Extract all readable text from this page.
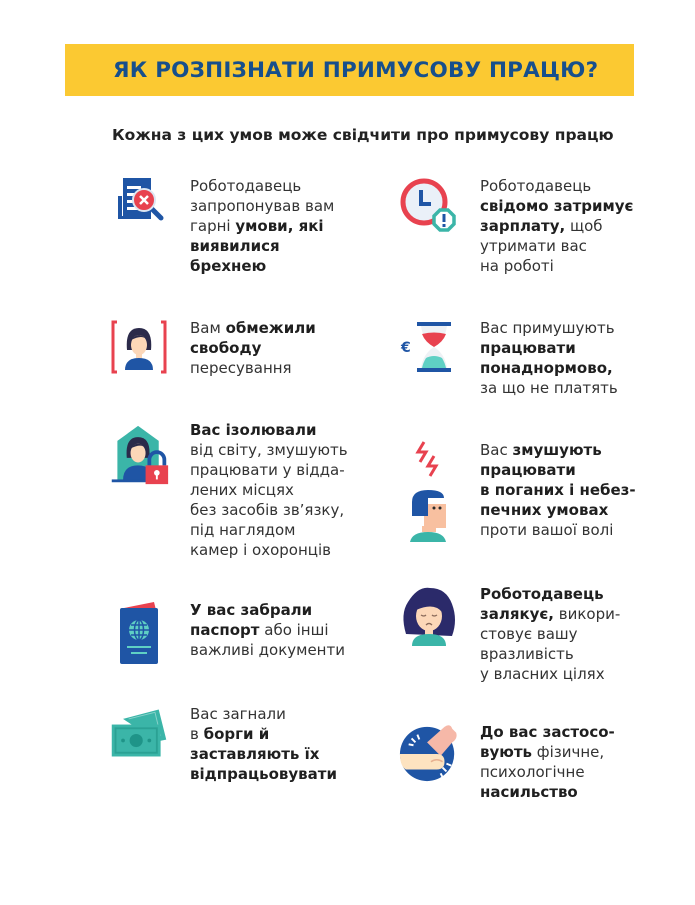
ЯК РОЗПІЗНАТИ ПРИМУСОВУ ПРАЦЮ?
Кожна з цих умов може свідчити про примусову працю
Роботодавець
запропонував вам
гарні умови, які
виявилися
брехнею
Вам обмежили
свободу
пересування
Вас ізолювали
від світу, змушують
працювати у відда-
лених місцях
без засобів зв’язку,
під наглядом
камер і охоронців
У вас забрали
паспорт або інші
важливі документи
Вас загнали
в борги й
заставляють їх
відпрацьовувати
Роботодавець
свідомо затримує
зарплату, щоб
утримати вас
на роботі
€
Вас примушують
працювати
понаднормово,
за що не платять
Вас змушують
працювати
в поганих і небез-
печних умовах
проти вашої волі
Роботодавець
залякує, викори-
стовує вашу
вразливість
у власних цілях
До вас застосо-
вують фізичне,
психологічне
насильство
